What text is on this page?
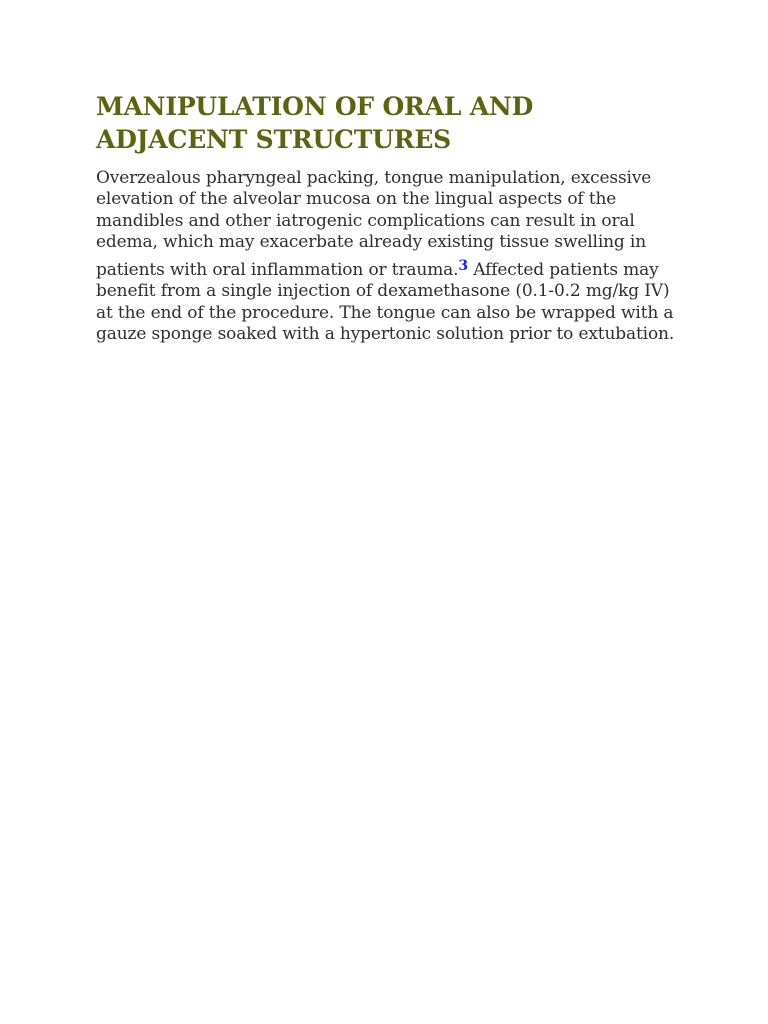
MANIPULATION OF ORAL AND
ADJACENT STRUCTURES

Overzealous pharyngeal packing, tongue manipulation, excessive
elevation of the alveolar mucosa on the lingual aspects of the
mandibles and other iatrogenic complications can result in oral
edema, which may exacerbate already existing tissue swelling in
patients with oral inflammation or trauma.$^3$ Affected patients may
benefit from a single injection of dexamethasone (0.1-0.2 mg/kg IV)
at the end of the procedure. The tongue can also be wrapped with a
gauze sponge soaked with a hypertonic solution prior to extubation.
